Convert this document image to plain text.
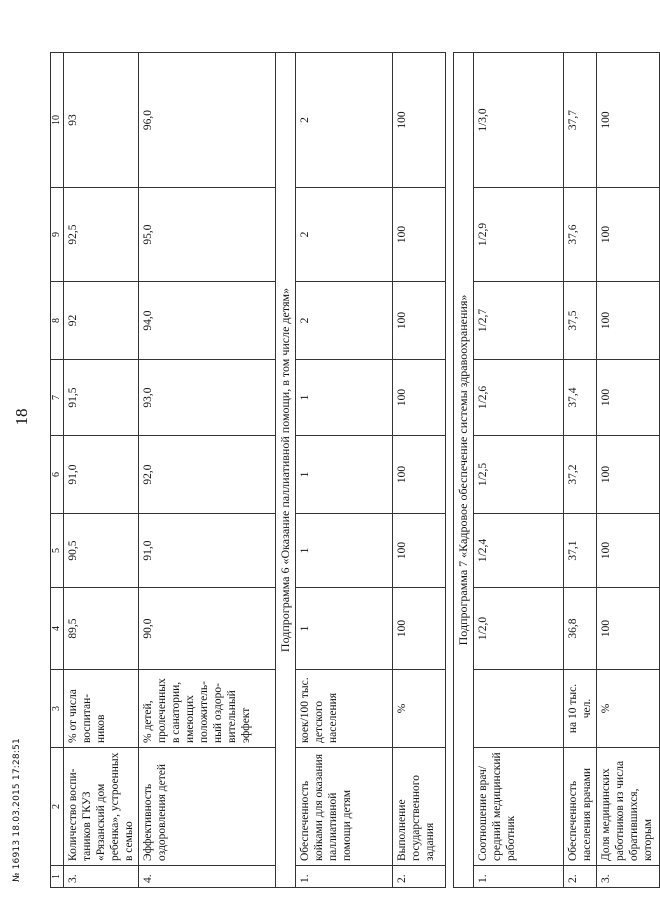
18
1	2	3	4	5	6	7	8	9	10
3.	Количество воспи-таников ГКУЗ «Рязанский дом ребенка», устроенных в семью	% от числа воспитан-ников	89,5	90,5	91,0	91,5	92	92,5	93
4.	Эффективность оздоровления детей	% детей, пролеченных в санатории, имеющих положитель-ный оздоро-вительный эффект	90,0	91,0	92,0	93,0	94,0	95,0	96,0
Подпрограмма 6 «Оказание паллиативной помощи, в том числе детям»									
1.	Обеспеченность койками для оказания паллиативной помощи детям	коек/100 тыс. детского населения	1	1	1	1	2	2	2
2.	Выполнение государственного задания	%	100	100	100	100	100	100	100

Подпрограмма 7 «Кадровое обеспечение системы здравоохранения»									
1.	Соотношение врач/средний медицинский работник		1/2,0	1/2,4	1/2,5	1/2,6	1/2,7	1/2,9	1/3,0
2.	Обеспеченность населения врачами	на 10 тыс. чел.	36,8	37,1	37,2	37,4	37,5	37,6	37,7
3.	Доля медицинских работников из числа обратившихся, которым	%	100	100	100	100	100	100	100
№ 16913 18.03.2015 17:28:51
